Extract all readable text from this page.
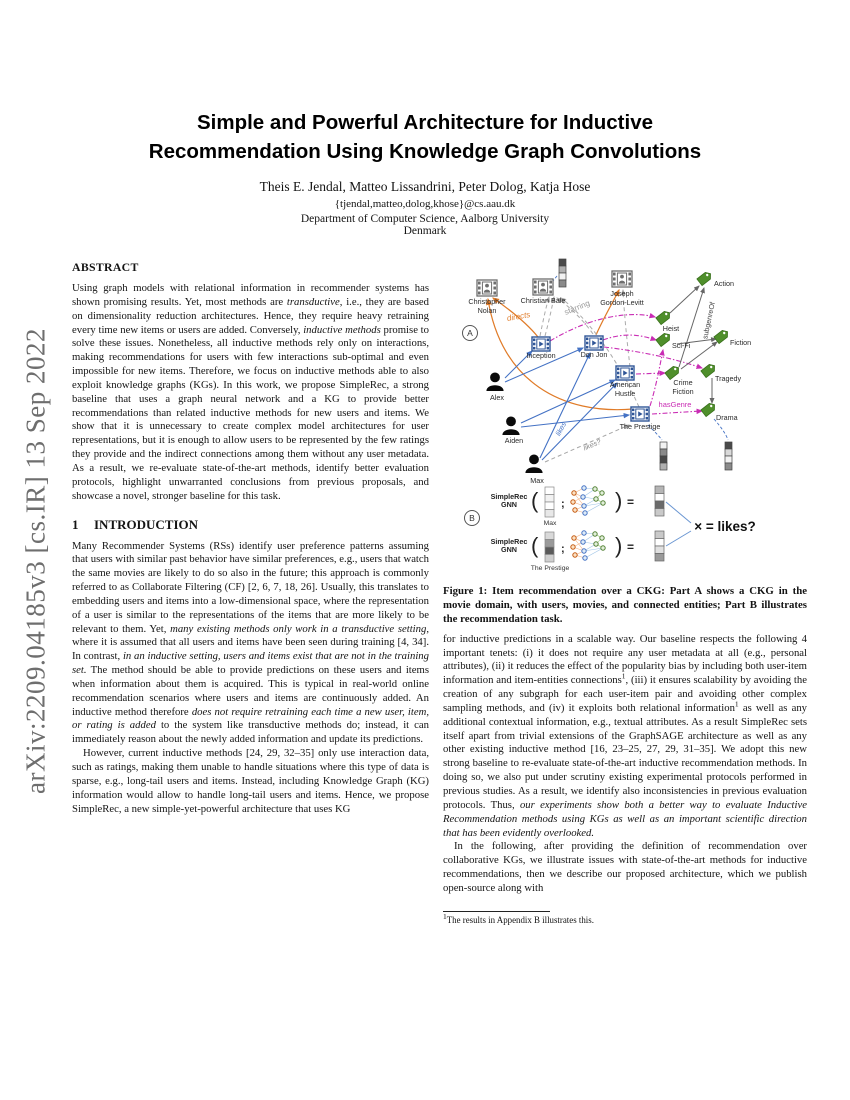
arXiv:2209.04185v3 [cs.IR] 13 Sep 2022
Simple and Powerful Architecture for Inductive
Recommendation Using Knowledge Graph Convolutions
Theis E. Jendal, Matteo Lissandrini, Peter Dolog, Katja Hose
{tjendal,matteo,dolog,khose}@cs.aau.dk
Department of Computer Science, Aalborg University
Denmark
ABSTRACT

Using graph models with relational information in recommender systems has shown promising results. Yet, most methods are transductive, i.e., they are based on dimensionality reduction architectures. Hence, they require heavy retraining every time new items or users are added. Conversely, inductive methods promise to solve these issues. Nonetheless, all inductive methods rely only on interactions, making recommendations for users with few interactions sub-optimal and even impossible for new items. Therefore, we focus on inductive methods able to also exploit knowledge graphs (KGs). In this work, we propose SimpleRec, a strong baseline that uses a graph neural network and a KG to provide better recommendations than related inductive methods for new users and items. We show that it is unnecessary to create complex model architectures for user representations, but it is enough to allow users to be represented by the few ratings they provide and the indirect connections among them without any user metadata. As a result, we re-evaluate state-of-the-art methods, identify better evaluation protocols, highlight unwarranted conclusions from previous proposals, and showcase a novel, stronger baseline for this task.

1 INTRODUCTION

Many Recommender Systems (RSs) identify user preference patterns assuming that users with similar past behavior have similar preferences, e.g., users that watch the same movies are likely to do so also in the future; this approach is commonly referred to as Collaborate Filtering (CF) [2, 6, 7, 18, 26]. Usually, this translates to embedding users and items into a low-dimensional space, where the representation of a user is similar to the representations of the items that are more likely to be relevant to them. Yet, many existing methods only work in a transductive setting, where it is assumed that all users and items have been seen during training [4, 34]. In contrast, in an inductive setting, users and items exist that are not in the training set. The method should be able to provide predictions on these users and items when information about them is acquired. This is typical in real-world online recommendation scenarios where users and items are continuously added. An inductive method therefore does not require retraining each time a new user, item, or rating is added to the system like transductive methods do; instead, it can immediately reason about the newly added information and update its predictions.

However, current inductive methods [24, 29, 32–35] only use interaction data, such as ratings, making them unable to handle situations where this type of data is sparse, e.g., long-tail users and items. Instead, including Knowledge Graph (KG) information would allow to handle long-tail users and items. Hence, we propose SimpleRec, a new simple-yet-powerful architecture that uses KG

A
Christopher
Nolan
Christian Bale
Joseph
Gordon-Levitt
Inception	Don Jon
American
Hustle
The Prestige
Alex
Aiden
Max
Action
Heist
Sci-Fi	Fiction
Crime
Fiction
Tragedy
Drama
directs	starring
hasGenre
subgenreOf
likes
likes?
B
SimpleRec
GNN ( ; ) =
Max
SimpleRec
GNN ( ; ) =
The Prestige
× = likes?
Figure 1: Item recommendation over a CKG: Part A shows a CKG in the movie domain, with users, movies, and connected entities; Part B illustrates the recommendation task.

for inductive predictions in a scalable way. Our baseline respects the following 4 important tenets: (i) it does not require any user metadata at all (e.g., personal attributes), (ii) it reduces the effect of the popularity bias by including both user-item information and item-entities connections$^1$, (iii) it ensures scalability by avoiding the creation of any subgraph for each user-item pair and avoiding other complex sampling methods, and (iv) it exploits both relational information$^1$ as well as any additional contextual information, e.g., textual attributes. As a result SimpleRec sets itself apart from trivial extensions of the GraphSAGE architecture as well as any other existing inductive method [16, 23–25, 27, 29, 31–35]. We adopt this new strong baseline to re-evaluate state-of-the-art inductive recommendation methods. In doing so, we also put under scrutiny existing experimental protocols performed in previous studies. As a result, we identify also inconsistencies in previous evaluation protocols. Thus, our experiments show both a better way to evaluate Inductive Recommendation methods using KGs as well as an important scientific direction that has been evidently overlooked.

In the following, after providing the definition of recommendation over collaborative KGs, we illustrate issues with state-of-the-art methods for inductive recommendations, then we describe our proposed architecture, which we publish open-source along with

$^1$The results in Appendix B illustrates this.
